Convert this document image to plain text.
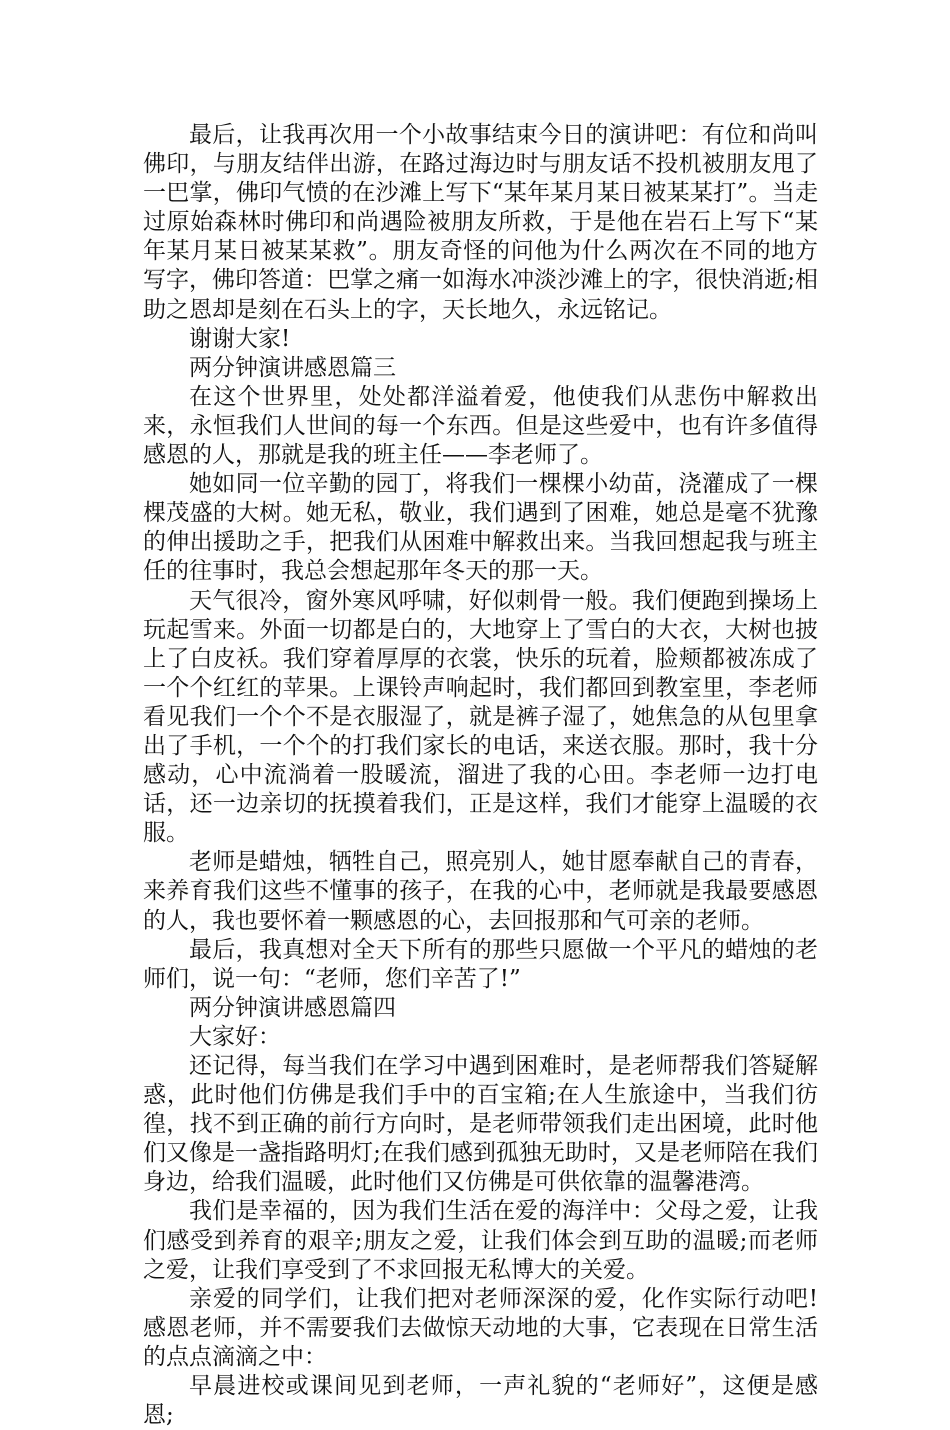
最后，让我再次用一个小故事结束今日的演讲吧：有位和尚叫佛印，与朋友结伴出游，在路过海边时与朋友话不投机被朋友甩了一巴掌，佛印气愤的在沙滩上写下“某年某月某日被某某打”。当走过原始森林时佛印和尚遇险被朋友所救，于是他在岩石上写下“某年某月某日被某某救”。朋友奇怪的问他为什么两次在不同的地方写字，佛印答道：巴掌之痛一如海水冲淡沙滩上的字，很快消逝;相助之恩却是刻在石头上的字，天长地久，永远铭记。

谢谢大家!

两分钟演讲感恩篇三

在这个世界里，处处都洋溢着爱，他使我们从悲伤中解救出来，永恒我们人世间的每一个东西。但是这些爱中，也有许多值得感恩的人，那就是我的班主任——李老师了。

她如同一位辛勤的园丁，将我们一棵棵小幼苗，浇灌成了一棵棵茂盛的大树。她无私，敬业，我们遇到了困难，她总是毫不犹豫的伸出援助之手，把我们从困难中解救出来。当我回想起我与班主任的往事时，我总会想起那年冬天的那一天。

天气很冷，窗外寒风呼啸，好似刺骨一般。我们便跑到操场上玩起雪来。外面一切都是白的，大地穿上了雪白的大衣，大树也披上了白皮袄。我们穿着厚厚的衣裳，快乐的玩着，脸颊都被冻成了一个个红红的苹果。上课铃声响起时，我们都回到教室里，李老师看见我们一个个不是衣服湿了，就是裤子湿了，她焦急的从包里拿出了手机，一个个的打我们家长的电话，来送衣服。那时，我十分感动，心中流淌着一股暖流，溜进了我的心田。李老师一边打电话，还一边亲切的抚摸着我们，正是这样，我们才能穿上温暖的衣服。

老师是蜡烛，牺牲自己，照亮别人，她甘愿奉献自己的青春，来养育我们这些不懂事的孩子，在我的心中，老师就是我最要感恩的人，我也要怀着一颗感恩的心，去回报那和气可亲的老师。

最后，我真想对全天下所有的那些只愿做一个平凡的蜡烛的老师们，说一句：“老师，您们辛苦了!”

两分钟演讲感恩篇四

大家好：

还记得，每当我们在学习中遇到困难时，是老师帮我们答疑解惑，此时他们仿佛是我们手中的百宝箱;在人生旅途中，当我们彷徨，找不到正确的前行方向时，是老师带领我们走出困境，此时他们又像是一盏指路明灯;在我们感到孤独无助时，又是老师陪在我们身边，给我们温暖，此时他们又仿佛是可供依靠的温馨港湾。

我们是幸福的，因为我们生活在爱的海洋中：父母之爱，让我们感受到养育的艰辛;朋友之爱，让我们体会到互助的温暖;而老师之爱，让我们享受到了不求回报无私博大的关爱。

亲爱的同学们，让我们把对老师深深的爱，化作实际行动吧!感恩老师，并不需要我们去做惊天动地的大事，它表现在日常生活的点点滴滴之中：

早晨进校或课间见到老师，一声礼貌的“老师好”，这便是感恩;
